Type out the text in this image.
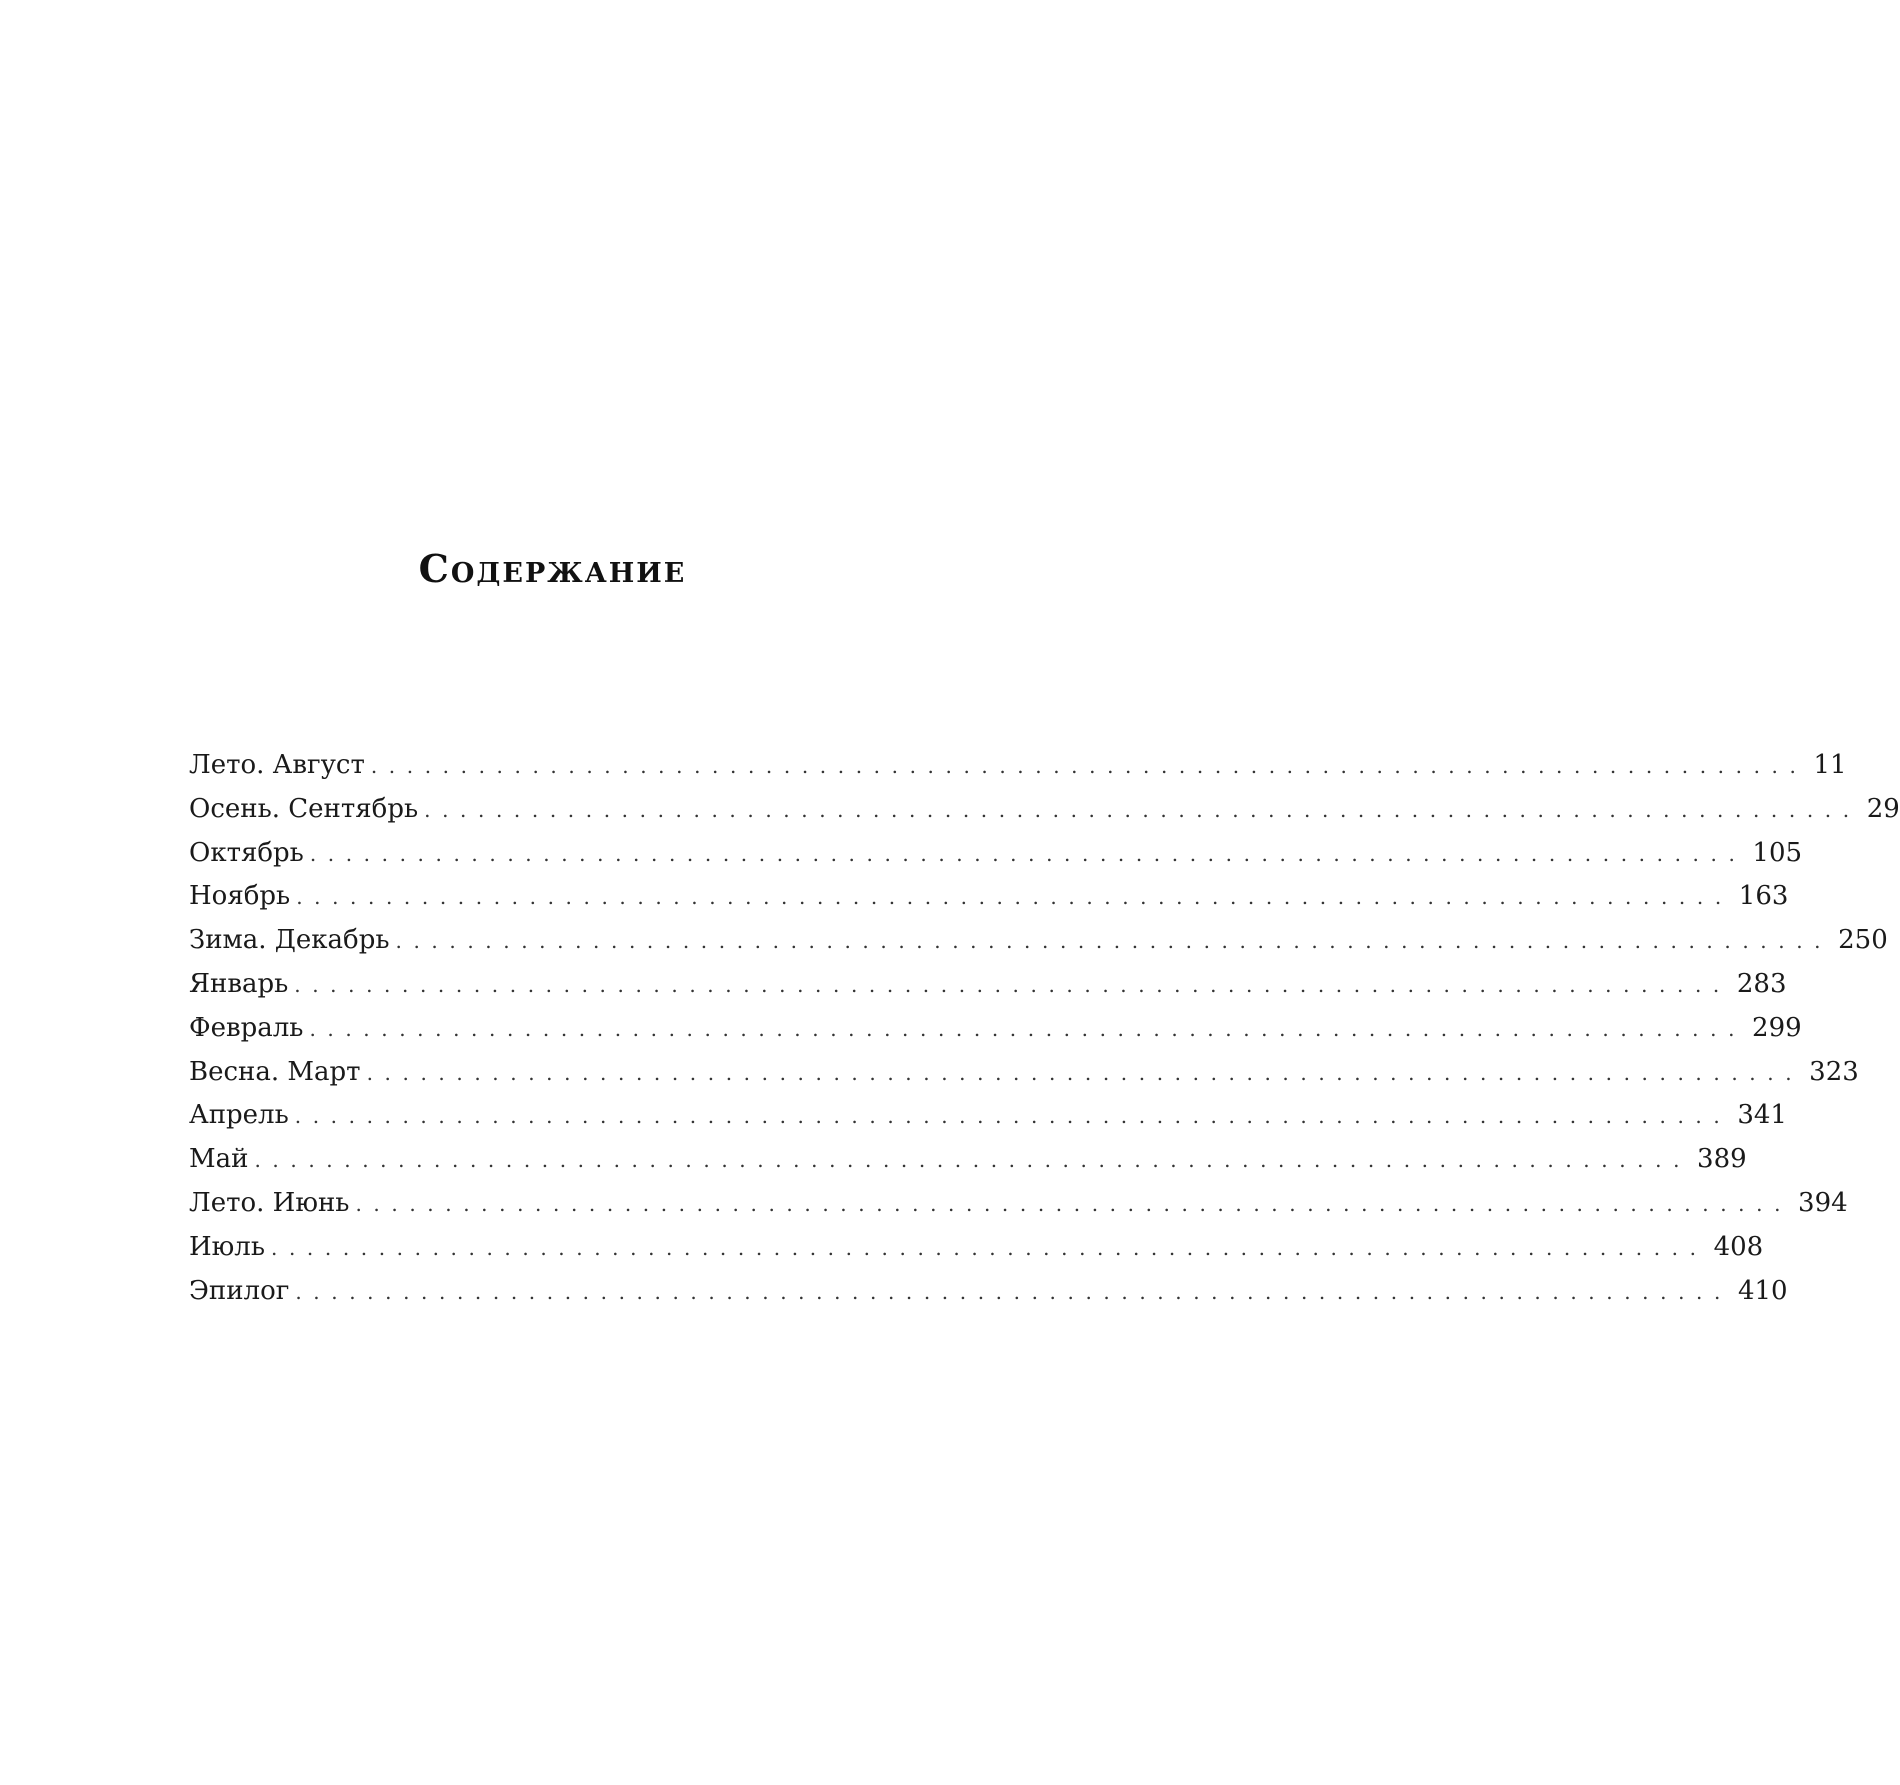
Содержание
Лето. Август ................................................................................ 11
Осень. Сентябрь ................................................................................ 29
Октябрь ................................................................................ 105
Ноябрь ................................................................................ 163
Зима. Декабрь ................................................................................ 250
Январь ................................................................................ 283
Февраль ................................................................................ 299
Весна. Март ................................................................................ 323
Апрель ................................................................................ 341
Май ................................................................................ 389
Лето. Июнь ................................................................................ 394
Июль ................................................................................ 408
Эпилог ................................................................................ 410
